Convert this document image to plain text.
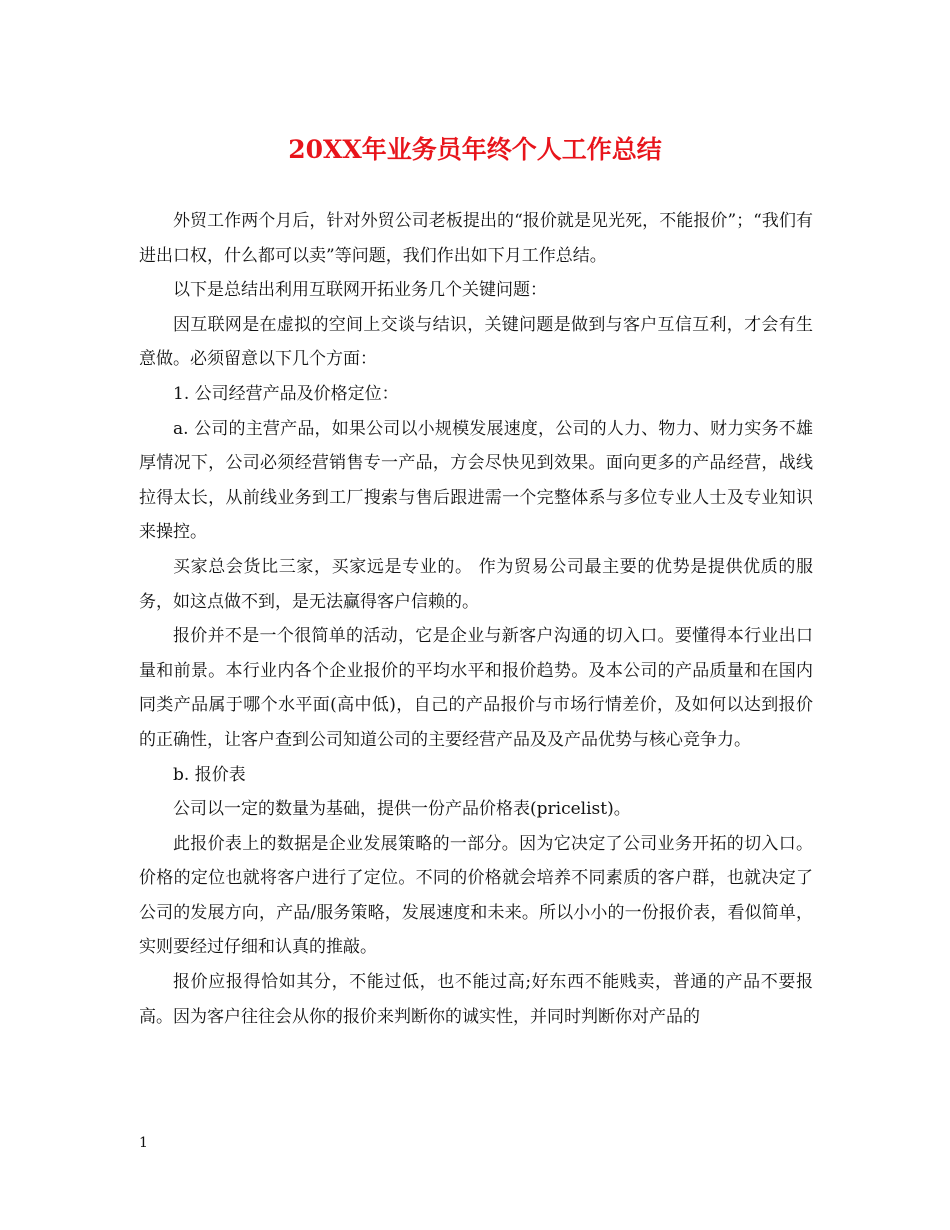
20XX年业务员年终个人工作总结

外贸工作两个月后，针对外贸公司老板提出的“报价就是见光死，不能报价”；“我们有进出口权，什么都可以卖”等问题，我们作出如下月工作总结。

以下是总结出利用互联网开拓业务几个关键问题：

因互联网是在虚拟的空间上交谈与结识，关键问题是做到与客户互信互利，才会有生意做。必须留意以下几个方面：

1. 公司经营产品及价格定位：

a. 公司的主营产品，如果公司以小规模发展速度，公司的人力、物力、财力实务不雄厚情况下，公司必须经营销售专一产品，方会尽快见到效果。面向更多的产品经营，战线拉得太长，从前线业务到工厂搜索与售后跟进需一个完整体系与多位专业人士及专业知识来操控。

买家总会货比三家，买家远是专业的。 作为贸易公司最主要的优势是提供优质的服务，如这点做不到，是无法赢得客户信赖的。

报价并不是一个很简单的活动，它是企业与新客户沟通的切入口。要懂得本行业出口量和前景。本行业内各个企业报价的平均水平和报价趋势。及本公司的产品质量和在国内同类产品属于哪个水平面(高中低)，自己的产品报价与市场行情差价，及如何以达到报价的正确性，让客户查到公司知道公司的主要经营产品及及产品优势与核心竞争力。

b. 报价表

公司以一定的数量为基础，提供一份产品价格表(pricelist)。

此报价表上的数据是企业发展策略的一部分。因为它决定了公司业务开拓的切入口。价格的定位也就将客户进行了定位。不同的价格就会培养不同素质的客户群，也就决定了公司的发展方向，产品/服务策略，发展速度和未来。所以小小的一份报价表，看似简单，实则要经过仔细和认真的推敲。

报价应报得恰如其分，不能过低，也不能过高;好东西不能贱卖，普通的产品不要报高。因为客户往往会从你的报价来判断你的诚实性，并同时判断你对产品的

1
